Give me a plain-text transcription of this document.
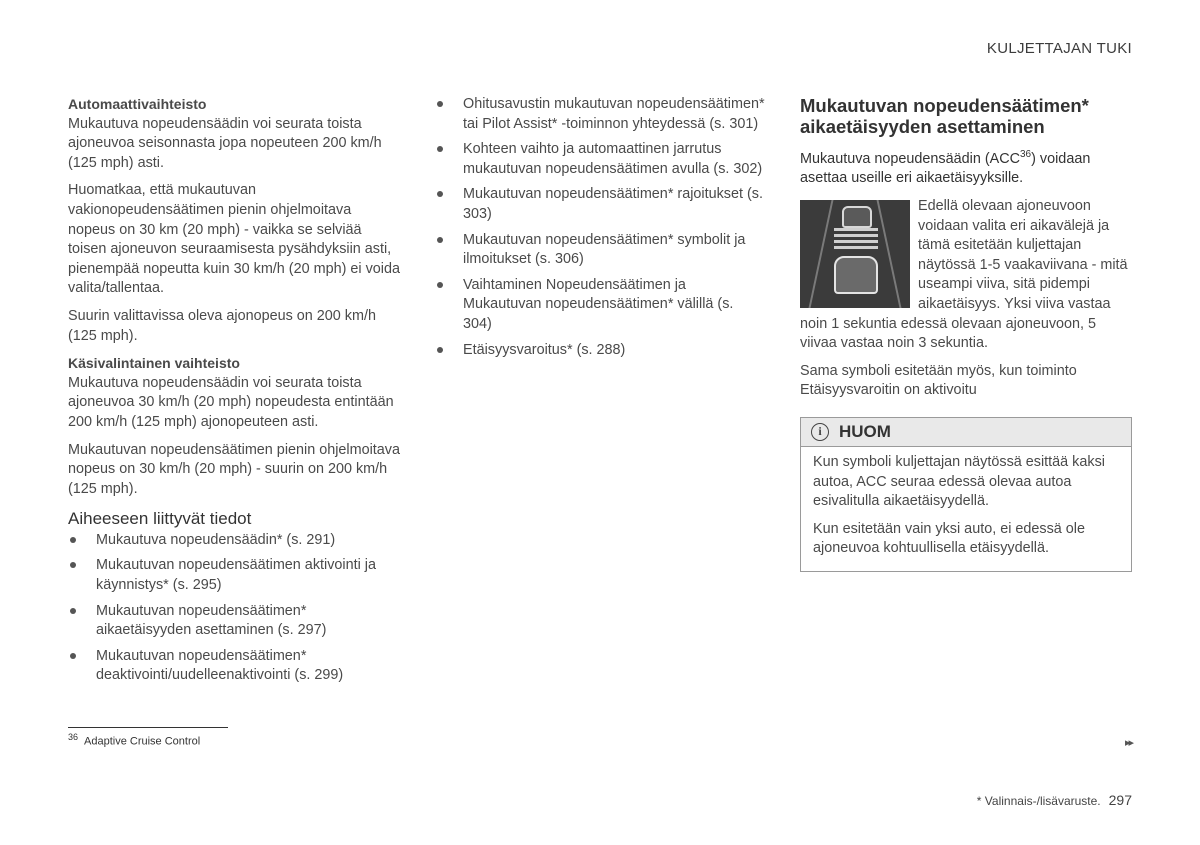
KULJETTAJAN TUKI
Automaattivaihteisto

Mukautuva nopeudensäädin voi seurata toista ajoneuvoa seisonnasta jopa nopeuteen 200 km/h (125 mph) asti.

Huomatkaa, että mukautuvan vakionopeudensäätimen pienin ohjelmoitava nopeus on 30 km (20 mph) - vaikka se selviää toisen ajoneuvon seuraamisesta pysähdyksiin asti, pienempää nopeutta kuin 30 km/h (20 mph) ei voida valita/tallentaa.

Suurin valittavissa oleva ajonopeus on 200 km/h (125 mph).

Käsivalintainen vaihteisto

Mukautuva nopeudensäädin voi seurata toista ajoneuvoa 30 km/h (20 mph) nopeudesta entintään 200 km/h (125 mph) ajonopeuteen asti.

Mukautuvan nopeudensäätimen pienin ohjelmoitava nopeus on 30 km/h (20 mph) - suurin on 200 km/h (125 mph).

Aiheeseen liittyvät tiedot
Mukautuva nopeudensäädin* (s. 291)
Mukautuvan nopeudensäätimen aktivointi ja käynnistys* (s. 295)
Mukautuvan nopeudensäätimen* aikaetäisyyden asettaminen (s. 297)
Mukautuvan nopeudensäätimen* deaktivointi/uudelleenaktivointi (s. 299)
Ohitusavustin mukautuvan nopeudensäätimen* tai Pilot Assist* -toiminnon yhteydessä (s. 301)
Kohteen vaihto ja automaattinen jarrutus mukautuvan nopeudensäätimen avulla (s. 302)
Mukautuvan nopeudensäätimen* rajoitukset (s. 303)
Mukautuvan nopeudensäätimen* symbolit ja ilmoitukset (s. 306)
Vaihtaminen Nopeudensäätimen ja Mukautuvan nopeudensäätimen* välillä (s. 304)
Etäisyysvaroitus* (s. 288)
Mukautuvan nopeudensäätimen* aikaetäisyyden asettaminen
Mukautuva nopeudensäädin (ACC$^{36}$) voidaan asettaa useille eri aikaetäisyyksille.

Edellä olevaan ajoneuvoon voidaan valita eri aikavälejä ja tämä esitetään kuljettajan näytössä 1-5 vaakaviivana - mitä useampi viiva, sitä pidempi aikaetäisyys. Yksi viiva vastaa noin 1 sekuntia edessä olevaan ajoneuvoon, 5 viivaa vastaa noin 3 sekuntia.

Sama symboli esitetään myös, kun toiminto Etäisyysvaroitin on aktivoitu

i	HUOM

Kun symboli kuljettajan näytössä esittää kaksi autoa, ACC seuraa edessä olevaa autoa esivalitulla aikaetäisyydellä.

Kun esitetään vain yksi auto, ei edessä ole ajoneuvoa kohtuullisella etäisyydellä.

$^{36}$ Adaptive Cruise Control	▸▸
* Valinnais-/lisävaruste. 297
